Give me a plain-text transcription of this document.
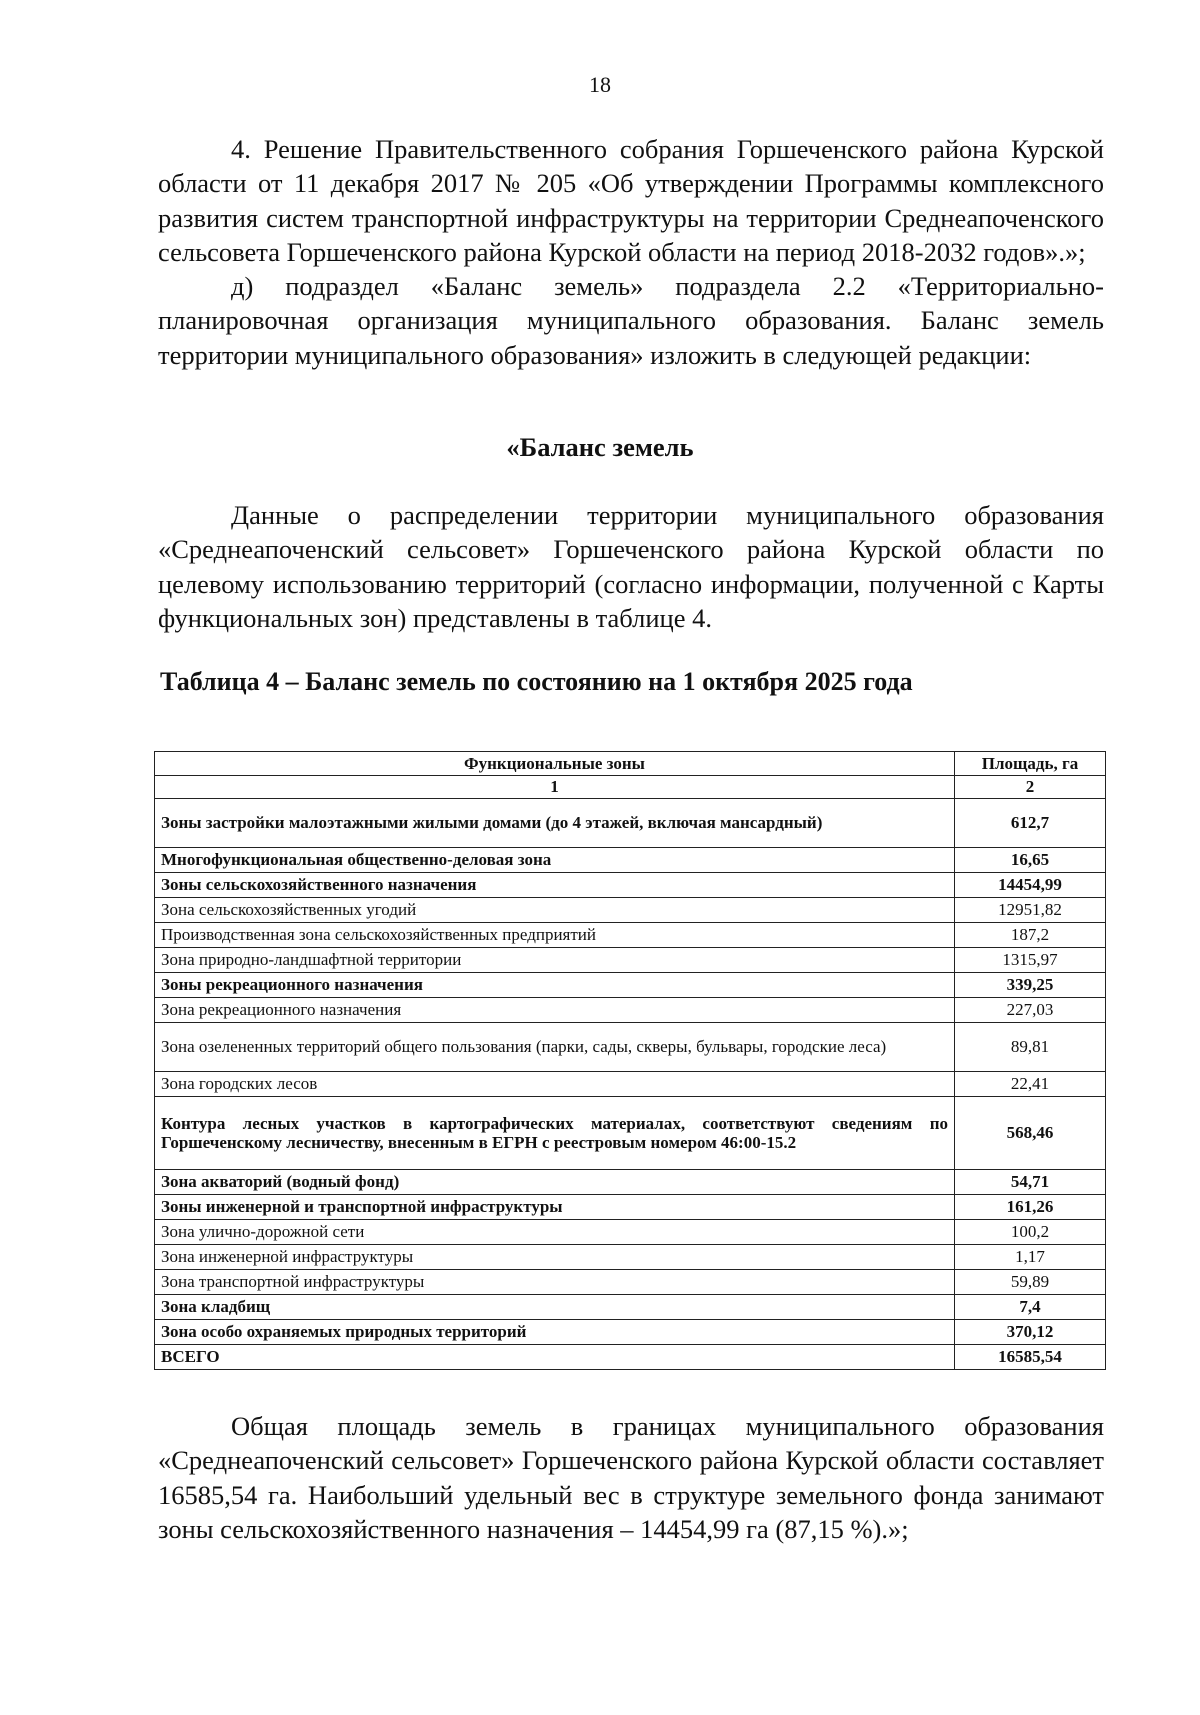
18

4. Решение Правительственного собрания Горшеченского района Курской области от 11 декабря 2017 № 205 «Об утверждении Программы комплексного развития систем транспортной инфраструктуры на территории Среднеапоченского сельсовета Горшеченского района Курской области на период 2018-2032 годов».»;

д) подраздел «Баланс земель» подраздела 2.2 «Территориально-планировочная организация муниципального образования. Баланс земель территории муниципального образования» изложить в следующей редакции:

«Баланс земель

Данные о распределении территории муниципального образования «Среднеапоченский сельсовет» Горшеченского района Курской области по целевому использованию территорий (согласно информации, полученной с Карты функциональных зон) представлены в таблице 4.

Таблица 4 – Баланс земель по состоянию на 1 октября 2025 года

Функциональные зоны	Площадь, га
1	2
Зоны застройки малоэтажными жилыми домами (до 4 этажей, включая мансардный)	612,7
Многофункциональная общественно-деловая зона	16,65
Зоны сельскохозяйственного назначения	14454,99
Зона сельскохозяйственных угодий	12951,82
Производственная зона сельскохозяйственных предприятий	187,2
Зона природно-ландшафтной территории	1315,97
Зоны рекреационного назначения	339,25
Зона рекреационного назначения	227,03
Зона озелененных территорий общего пользования (парки, сады, скверы, бульвары, городские леса)	89,81
Зона городских лесов	22,41
Контура лесных участков в картографических материалах, соответствуют сведениям по Горшеченскому лесничеству, внесенным в ЕГРН с реестровым номером 46:00-15.2	568,46
Зона акваторий (водный фонд)	54,71
Зоны инженерной и транспортной инфраструктуры	161,26
Зона улично-дорожной сети	100,2
Зона инженерной инфраструктуры	1,17
Зона транспортной инфраструктуры	59,89
Зона кладбищ	7,4
Зона особо охраняемых природных территорий	370,12
ВСЕГО	16585,54

Общая площадь земель в границах муниципального образования «Среднеапоченский сельсовет» Горшеченского района Курской области составляет 16585,54 га. Наибольший удельный вес в структуре земельного фонда занимают зоны сельскохозяйственного назначения – 14454,99 га (87,15 %).»;
